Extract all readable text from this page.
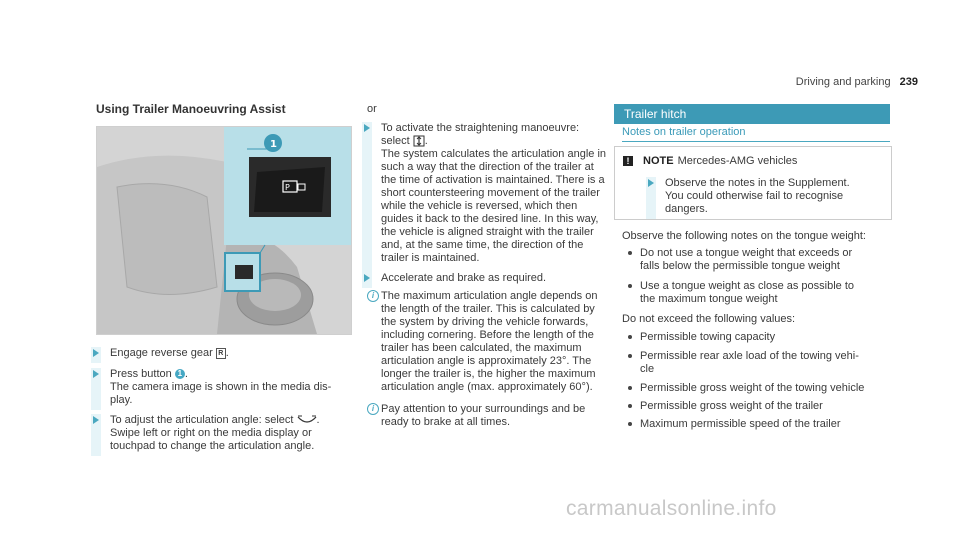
Driving and parking 239
Using Trailer Manoeuvring Assist
P
1
Engage reverse gear R .
Press button 1 .
The camera image is shown in the media dis-
play.
To adjust the articulation angle: select .
Swipe left or right on the media display or
touchpad to change the articulation angle.
or
To activate the straightening manoeuvre:
select .
The system calculates the articulation angle in
such a way that the direction of the trailer at
the time of activation is maintained. There is a
short countersteering movement of the trailer
while the vehicle is reversed, which then
guides it back to the desired line. In this way,
the vehicle is aligned straight with the trailer
and, at the same time, the direction of the
trailer is maintained.
Accelerate and brake as required.
i The maximum articulation angle depends on
the length of the trailer. This is calculated by
the system by driving the vehicle forwards,
including cornering. Before the length of the
trailer has been calculated, the maximum
articulation angle is approximately 23°. The
longer the trailer is, the higher the maximum
articulation angle (max. approximately 60°).
i Pay attention to your surroundings and be
ready to brake at all times.
Trailer hitch
Notes on trailer operation
! NOTE Mercedes-AMG vehicles
Observe the notes in the Supplement.
You could otherwise fail to recognise
dangers.
Observe the following notes on the tongue weight:
Do not use a tongue weight that exceeds or
falls below the permissible tongue weight
Use a tongue weight as close as possible to
the maximum tongue weight
Do not exceed the following values:
Permissible towing capacity
Permissible rear axle load of the towing vehi-
cle
Permissible gross weight of the towing vehicle
Permissible gross weight of the trailer
Maximum permissible speed of the trailer
carmanualsonline.info
